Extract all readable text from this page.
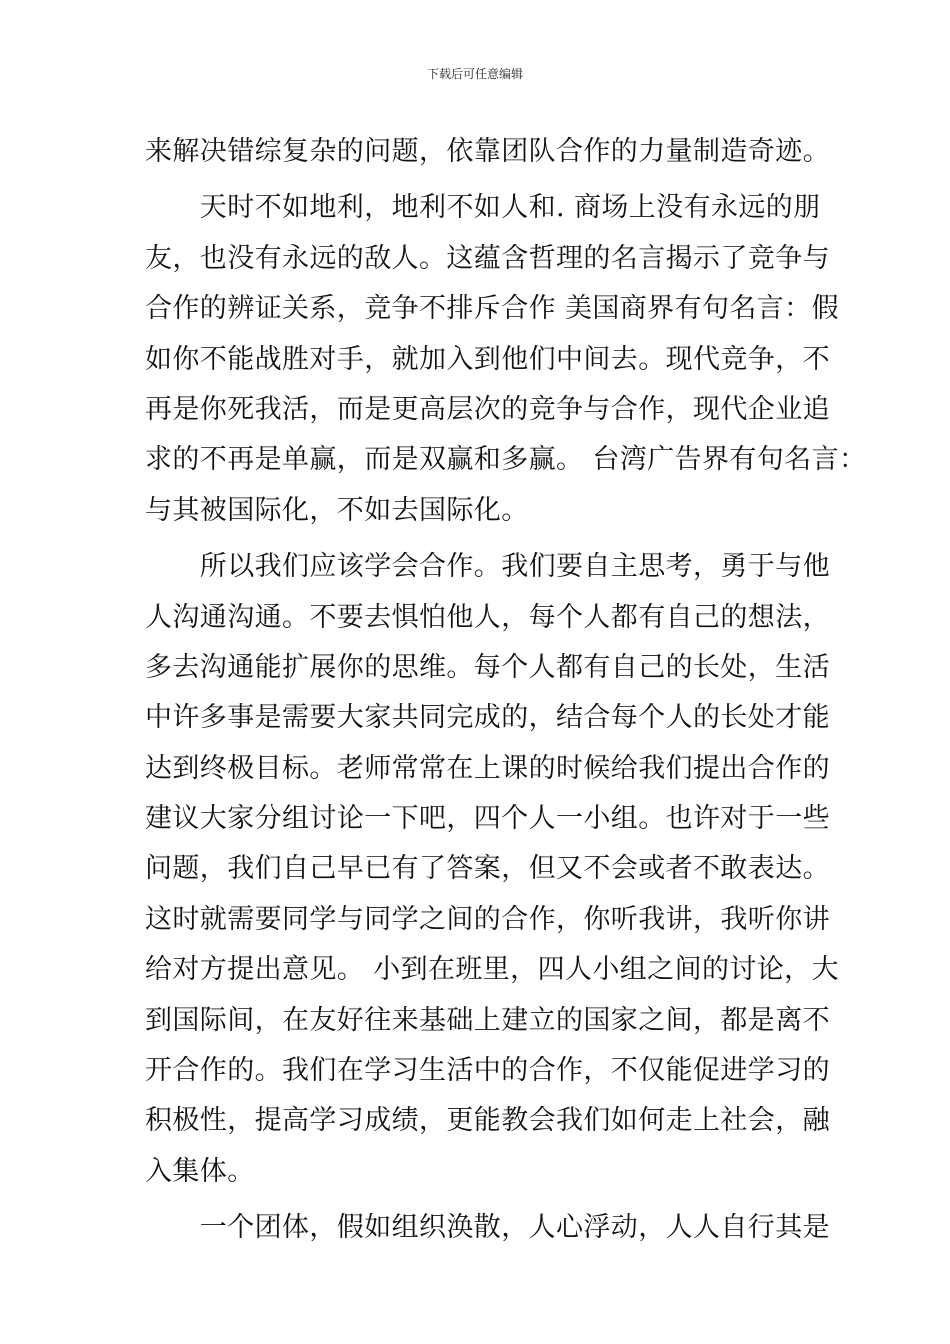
下载后可任意编辑
来解决错综复杂的问题，依靠团队合作的力量制造奇迹。
　　天时不如地利，地利不如人和. 商场上没有永远的朋
友，也没有永远的敌人。这蕴含哲理的名言揭示了竞争与
合作的辨证关系，竞争不排斥合作 美国商界有句名言：假
如你不能战胜对手，就加入到他们中间去。现代竞争，不
再是你死我活，而是更高层次的竞争与合作，现代企业追
求的不再是单赢，而是双赢和多赢。 台湾广告界有句名言：
与其被国际化，不如去国际化。
　　所以我们应该学会合作。我们要自主思考，勇于与他
人沟通沟通。不要去惧怕他人，每个人都有自己的想法，
多去沟通能扩展你的思维。每个人都有自己的长处，生活
中许多事是需要大家共同完成的，结合每个人的长处才能
达到终极目标。老师常常在上课的时候给我们提出合作的
建议大家分组讨论一下吧，四个人一小组。也许对于一些
问题，我们自己早已有了答案，但又不会或者不敢表达。
这时就需要同学与同学之间的合作，你听我讲，我听你讲
给对方提出意见。 小到在班里，四人小组之间的讨论，大
到国际间，在友好往来基础上建立的国家之间，都是离不
开合作的。我们在学习生活中的合作，不仅能促进学习的
积极性，提高学习成绩，更能教会我们如何走上社会，融
入集体。
　　一个团体，假如组织涣散，人心浮动，人人自行其是
